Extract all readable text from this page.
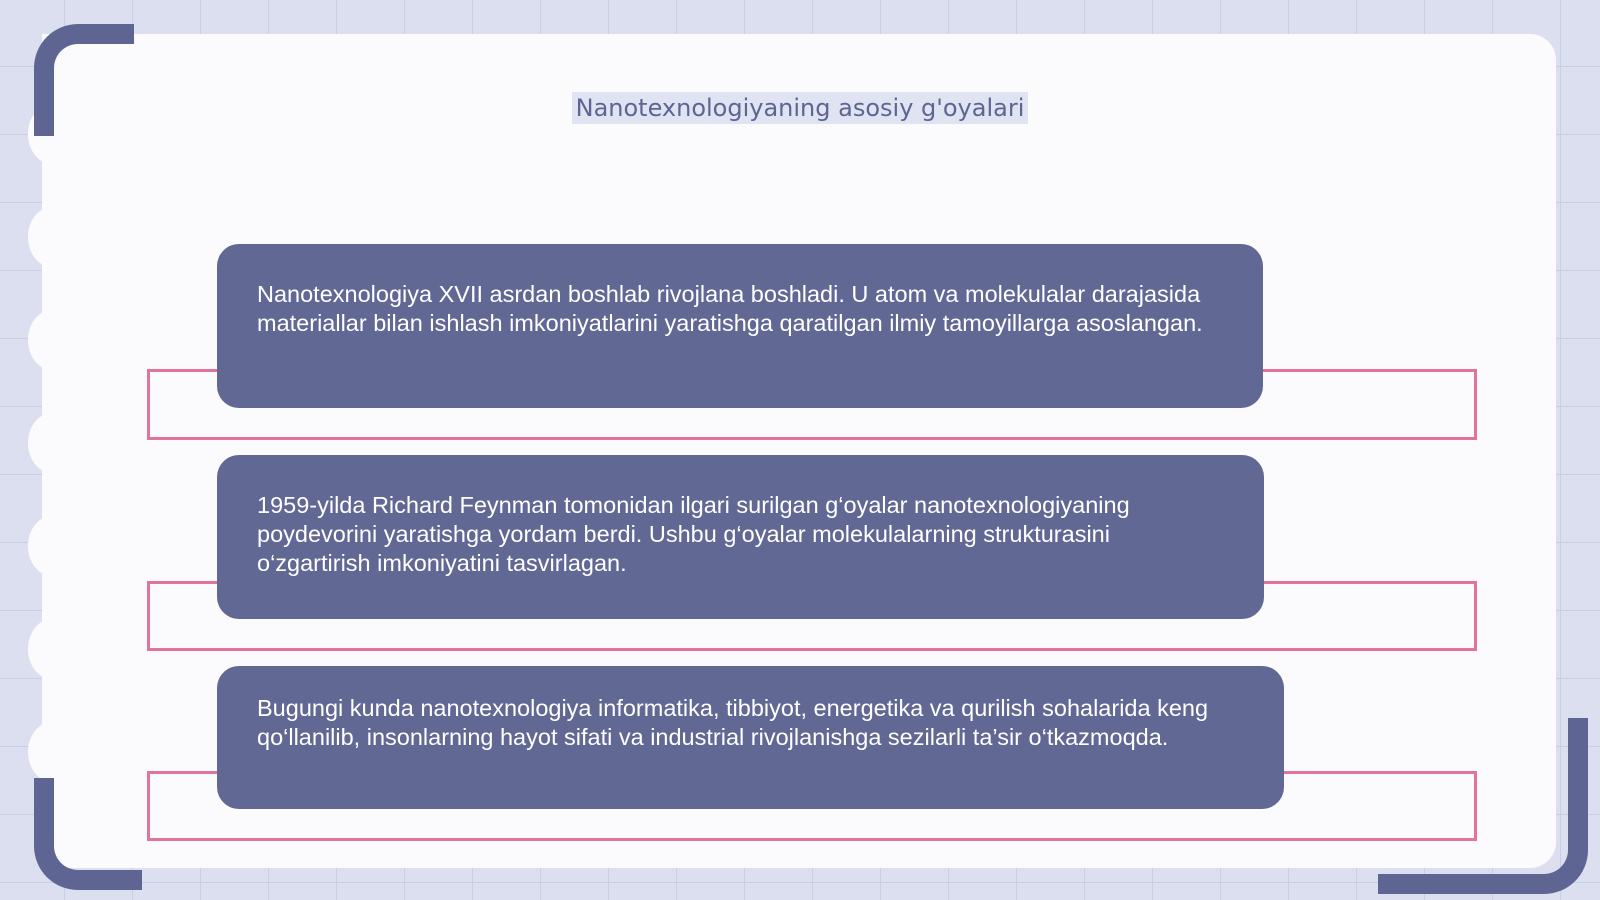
Nanotexnologiyaning asosiy g'oyalari

Nanotexnologiya XVII asrdan boshlab rivojlana boshladi. U atom va molekulalar darajasida materiallar bilan ishlash imkoniyatlarini yaratishga qaratilgan ilmiy tamoyillarga asoslangan.

1959-yilda Richard Feynman tomonidan ilgari surilgan g‘oyalar nanotexnologiyaning poydevorini yaratishga yordam berdi. Ushbu g‘oyalar molekulalarning strukturasini o‘zgartirish imkoniyatini tasvirlagan.

Bugungi kunda nanotexnologiya informatika, tibbiyot, energetika va qurilish sohalarida keng qo‘llanilib, insonlarning hayot sifati va industrial rivojlanishga sezilarli ta’sir o‘tkazmoqda.
